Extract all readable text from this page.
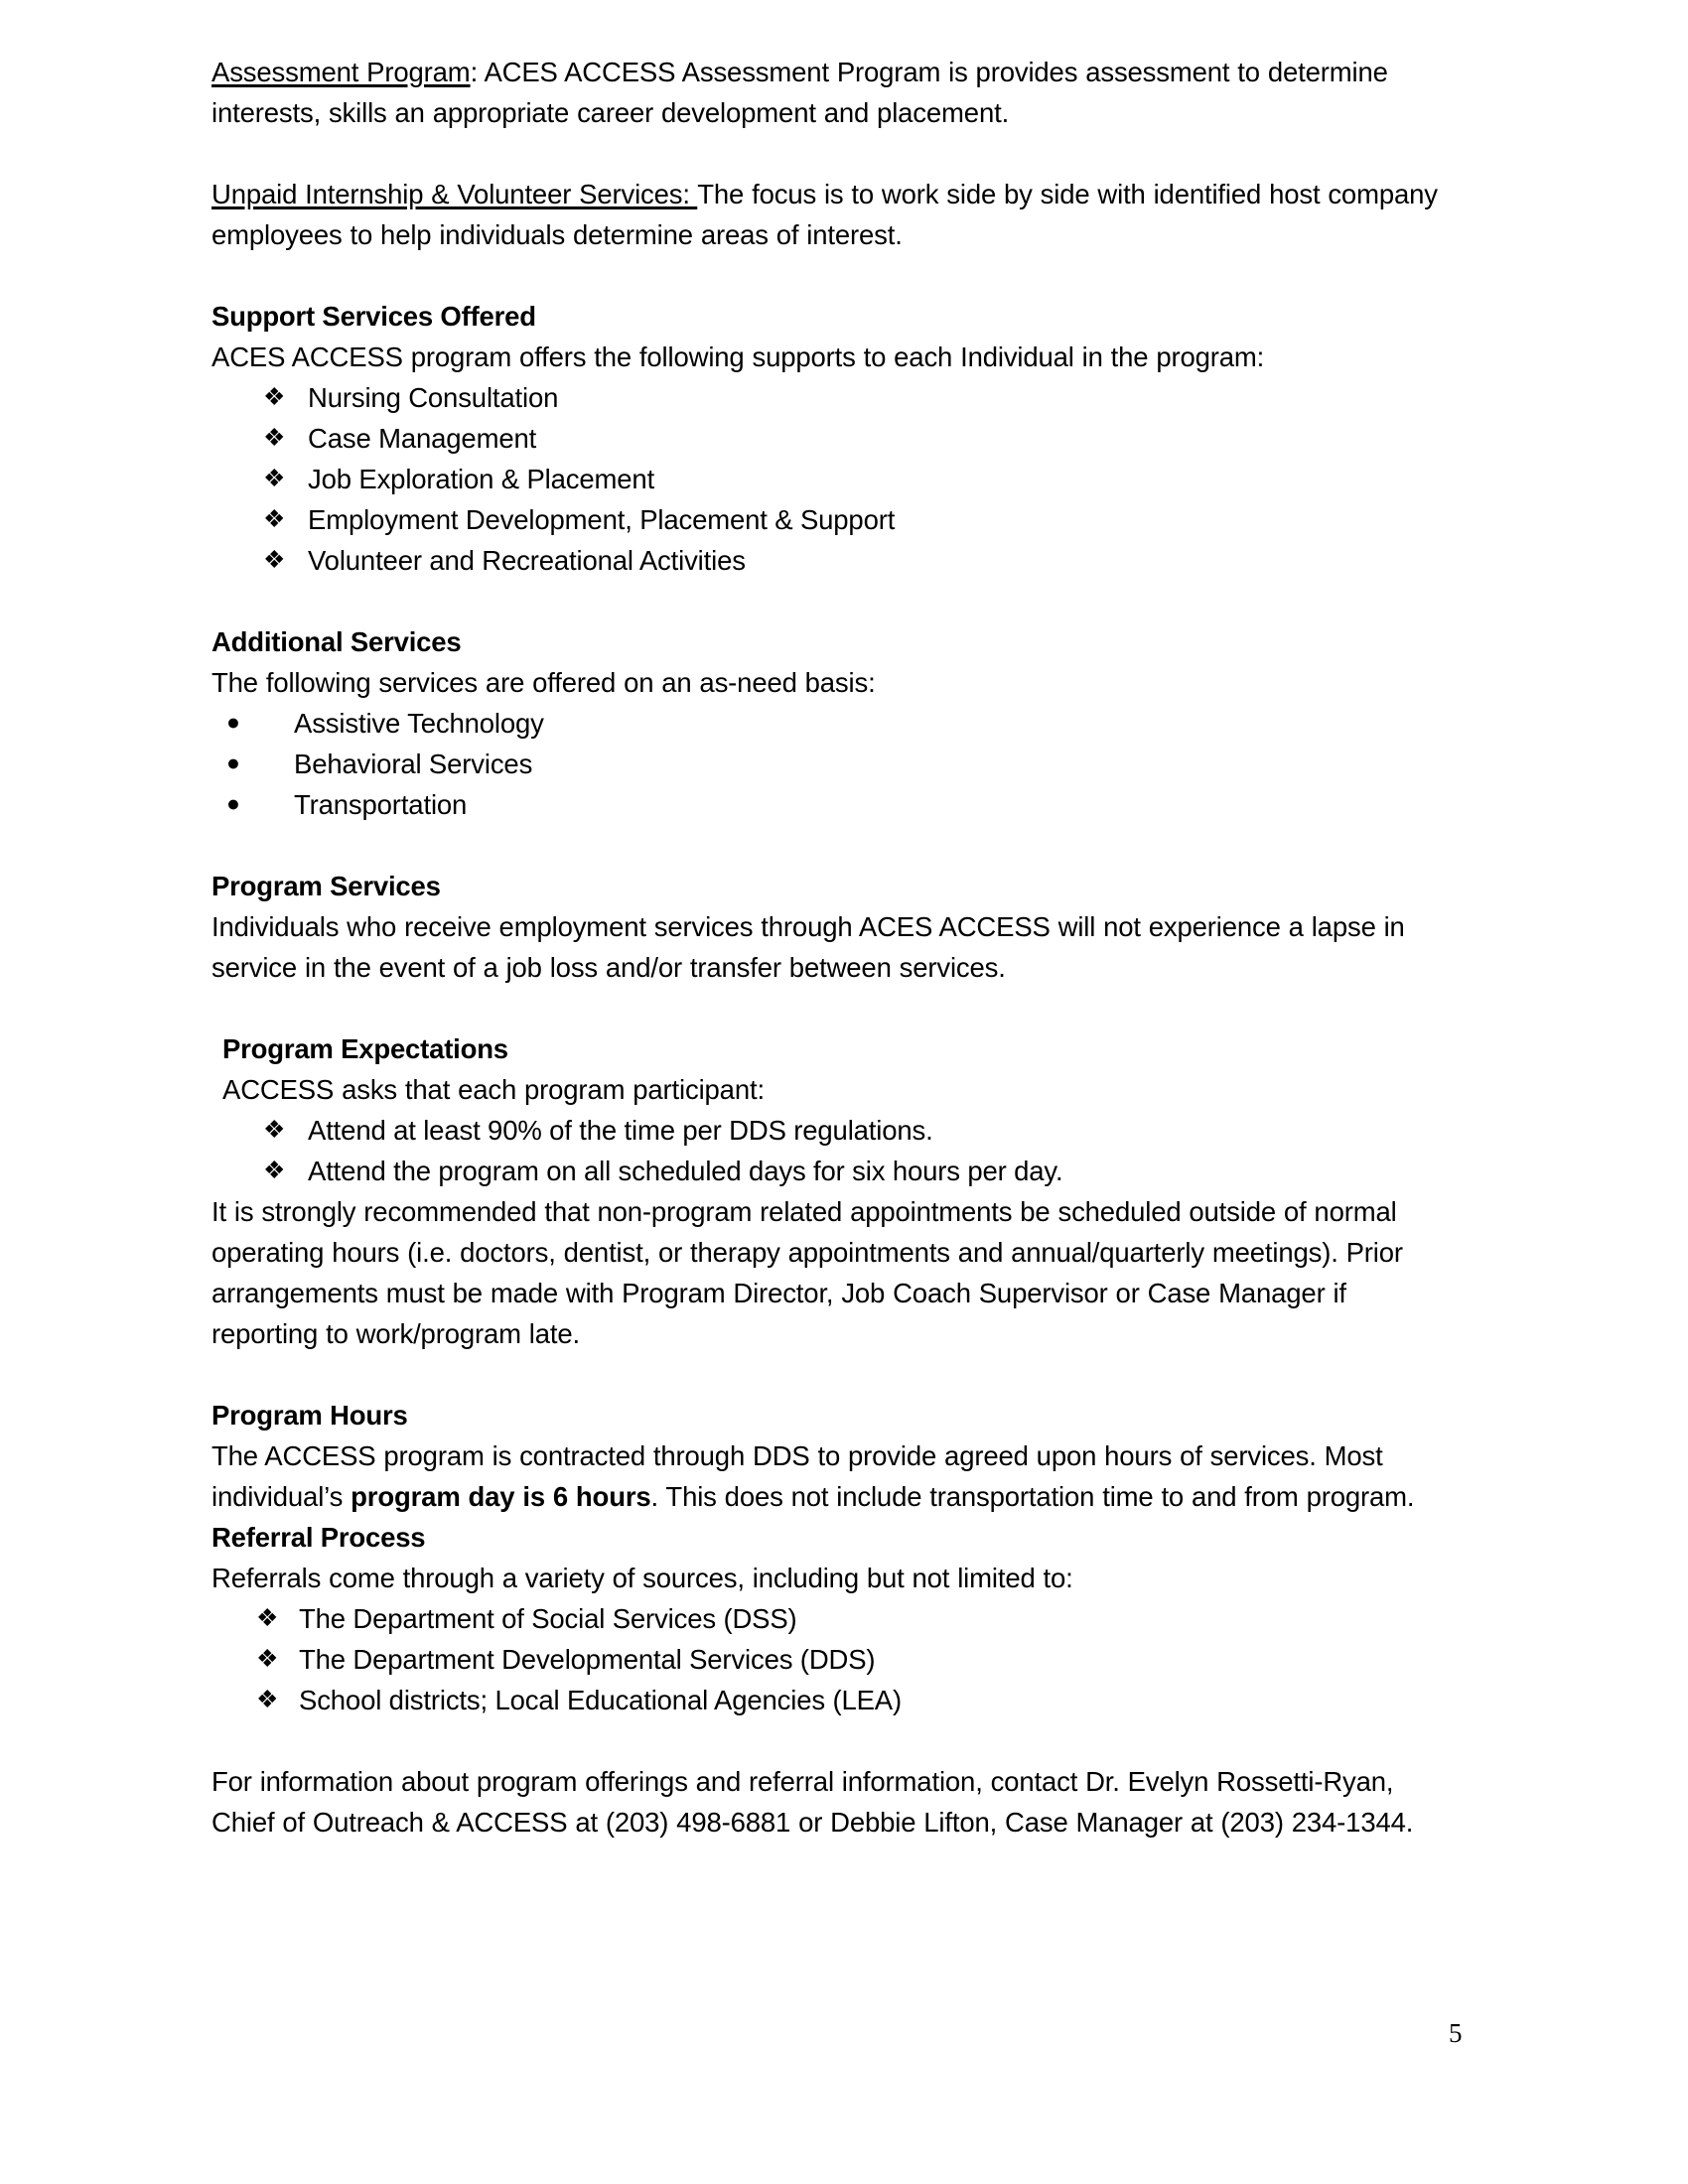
Assessment Program: ACES ACCESS Assessment Program is provides assessment to determine interests, skills an appropriate career development and placement.

Unpaid Internship & Volunteer Services: The focus is to work side by side with identified host company employees to help individuals determine areas of interest.

Support Services Offered

ACES ACCESS program offers the following supports to each Individual in the program:

❖ Nursing Consultation
❖ Case Management
❖ Job Exploration & Placement
❖ Employment Development, Placement & Support
❖ Volunteer and Recreational Activities

Additional Services

The following services are offered on an as-need basis:

● Assistive Technology
● Behavioral Services
● Transportation

Program Services

Individuals who receive employment services through ACES ACCESS will not experience a lapse in service in the event of a job loss and/or transfer between services.

Program Expectations

ACCESS asks that each program participant:

❖ Attend at least 90% of the time per DDS regulations.
❖ Attend the program on all scheduled days for six hours per day.

It is strongly recommended that non-program related appointments be scheduled outside of normal operating hours (i.e. doctors, dentist, or therapy appointments and annual/quarterly meetings). Prior arrangements must be made with Program Director, Job Coach Supervisor or Case Manager if reporting to work/program late.

Program Hours

The ACCESS program is contracted through DDS to provide agreed upon hours of services. Most individual’s program day is 6 hours. This does not include transportation time to and from program.

Referral Process

Referrals come through a variety of sources, including but not limited to:

❖ The Department of Social Services (DSS)
❖ The Department Developmental Services (DDS)
❖ School districts; Local Educational Agencies (LEA)

For information about program offerings and referral information, contact Dr. Evelyn Rossetti-Ryan, Chief of Outreach & ACCESS at (203) 498-6881 or Debbie Lifton, Case Manager at (203) 234-1344.

5
